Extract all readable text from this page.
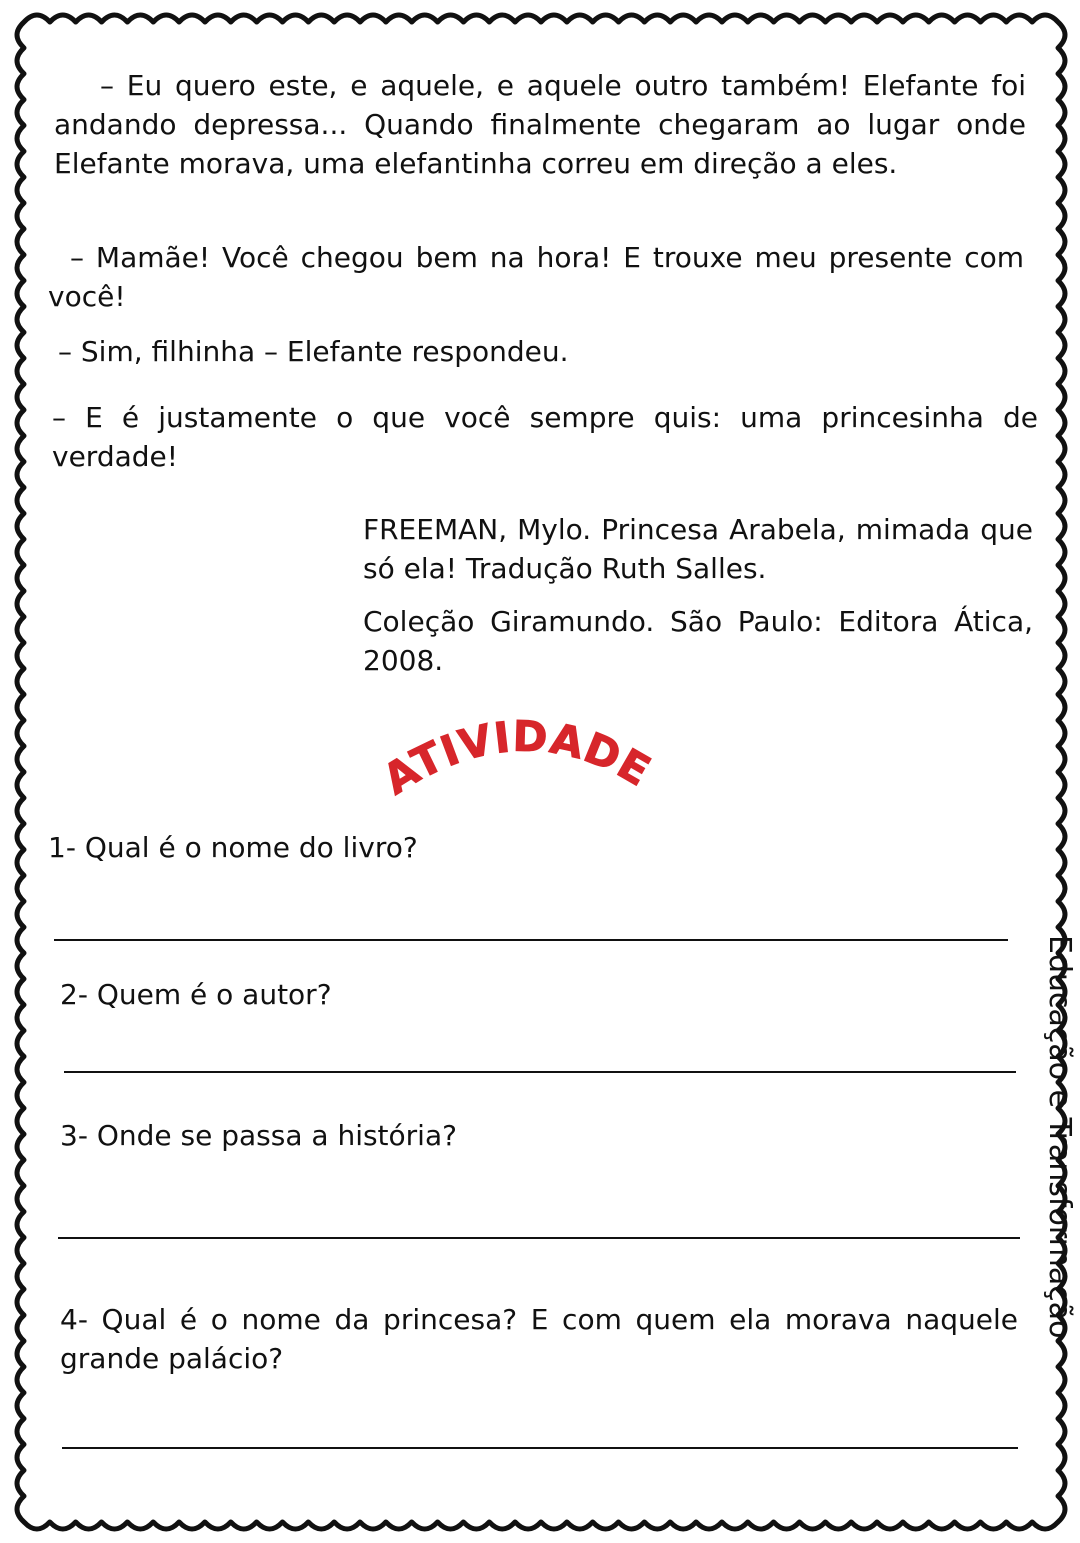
– Eu quero este, e aquele, e aquele outro também! Elefante foi andando depressa... Quando finalmente chegaram ao lugar onde Elefante morava, uma elefantinha correu em direção a eles.

– Mamãe! Você chegou bem na hora! E trouxe meu presente com você!

– Sim, filhinha – Elefante respondeu.

– E é justamente o que você sempre quis: uma princesinha de verdade!

FREEMAN, Mylo. Princesa Arabela, mimada que só ela! Tradução Ruth Salles.

Coleção Giramundo. São Paulo: Editora Ática, 2008.

ATIVIDADE

1- Qual é o nome do livro?

2- Quem é o autor?

3- Onde se passa a história?

4- Qual é o nome da princesa? E com quem ela morava naquele grande palácio?

Educação e Transformação
